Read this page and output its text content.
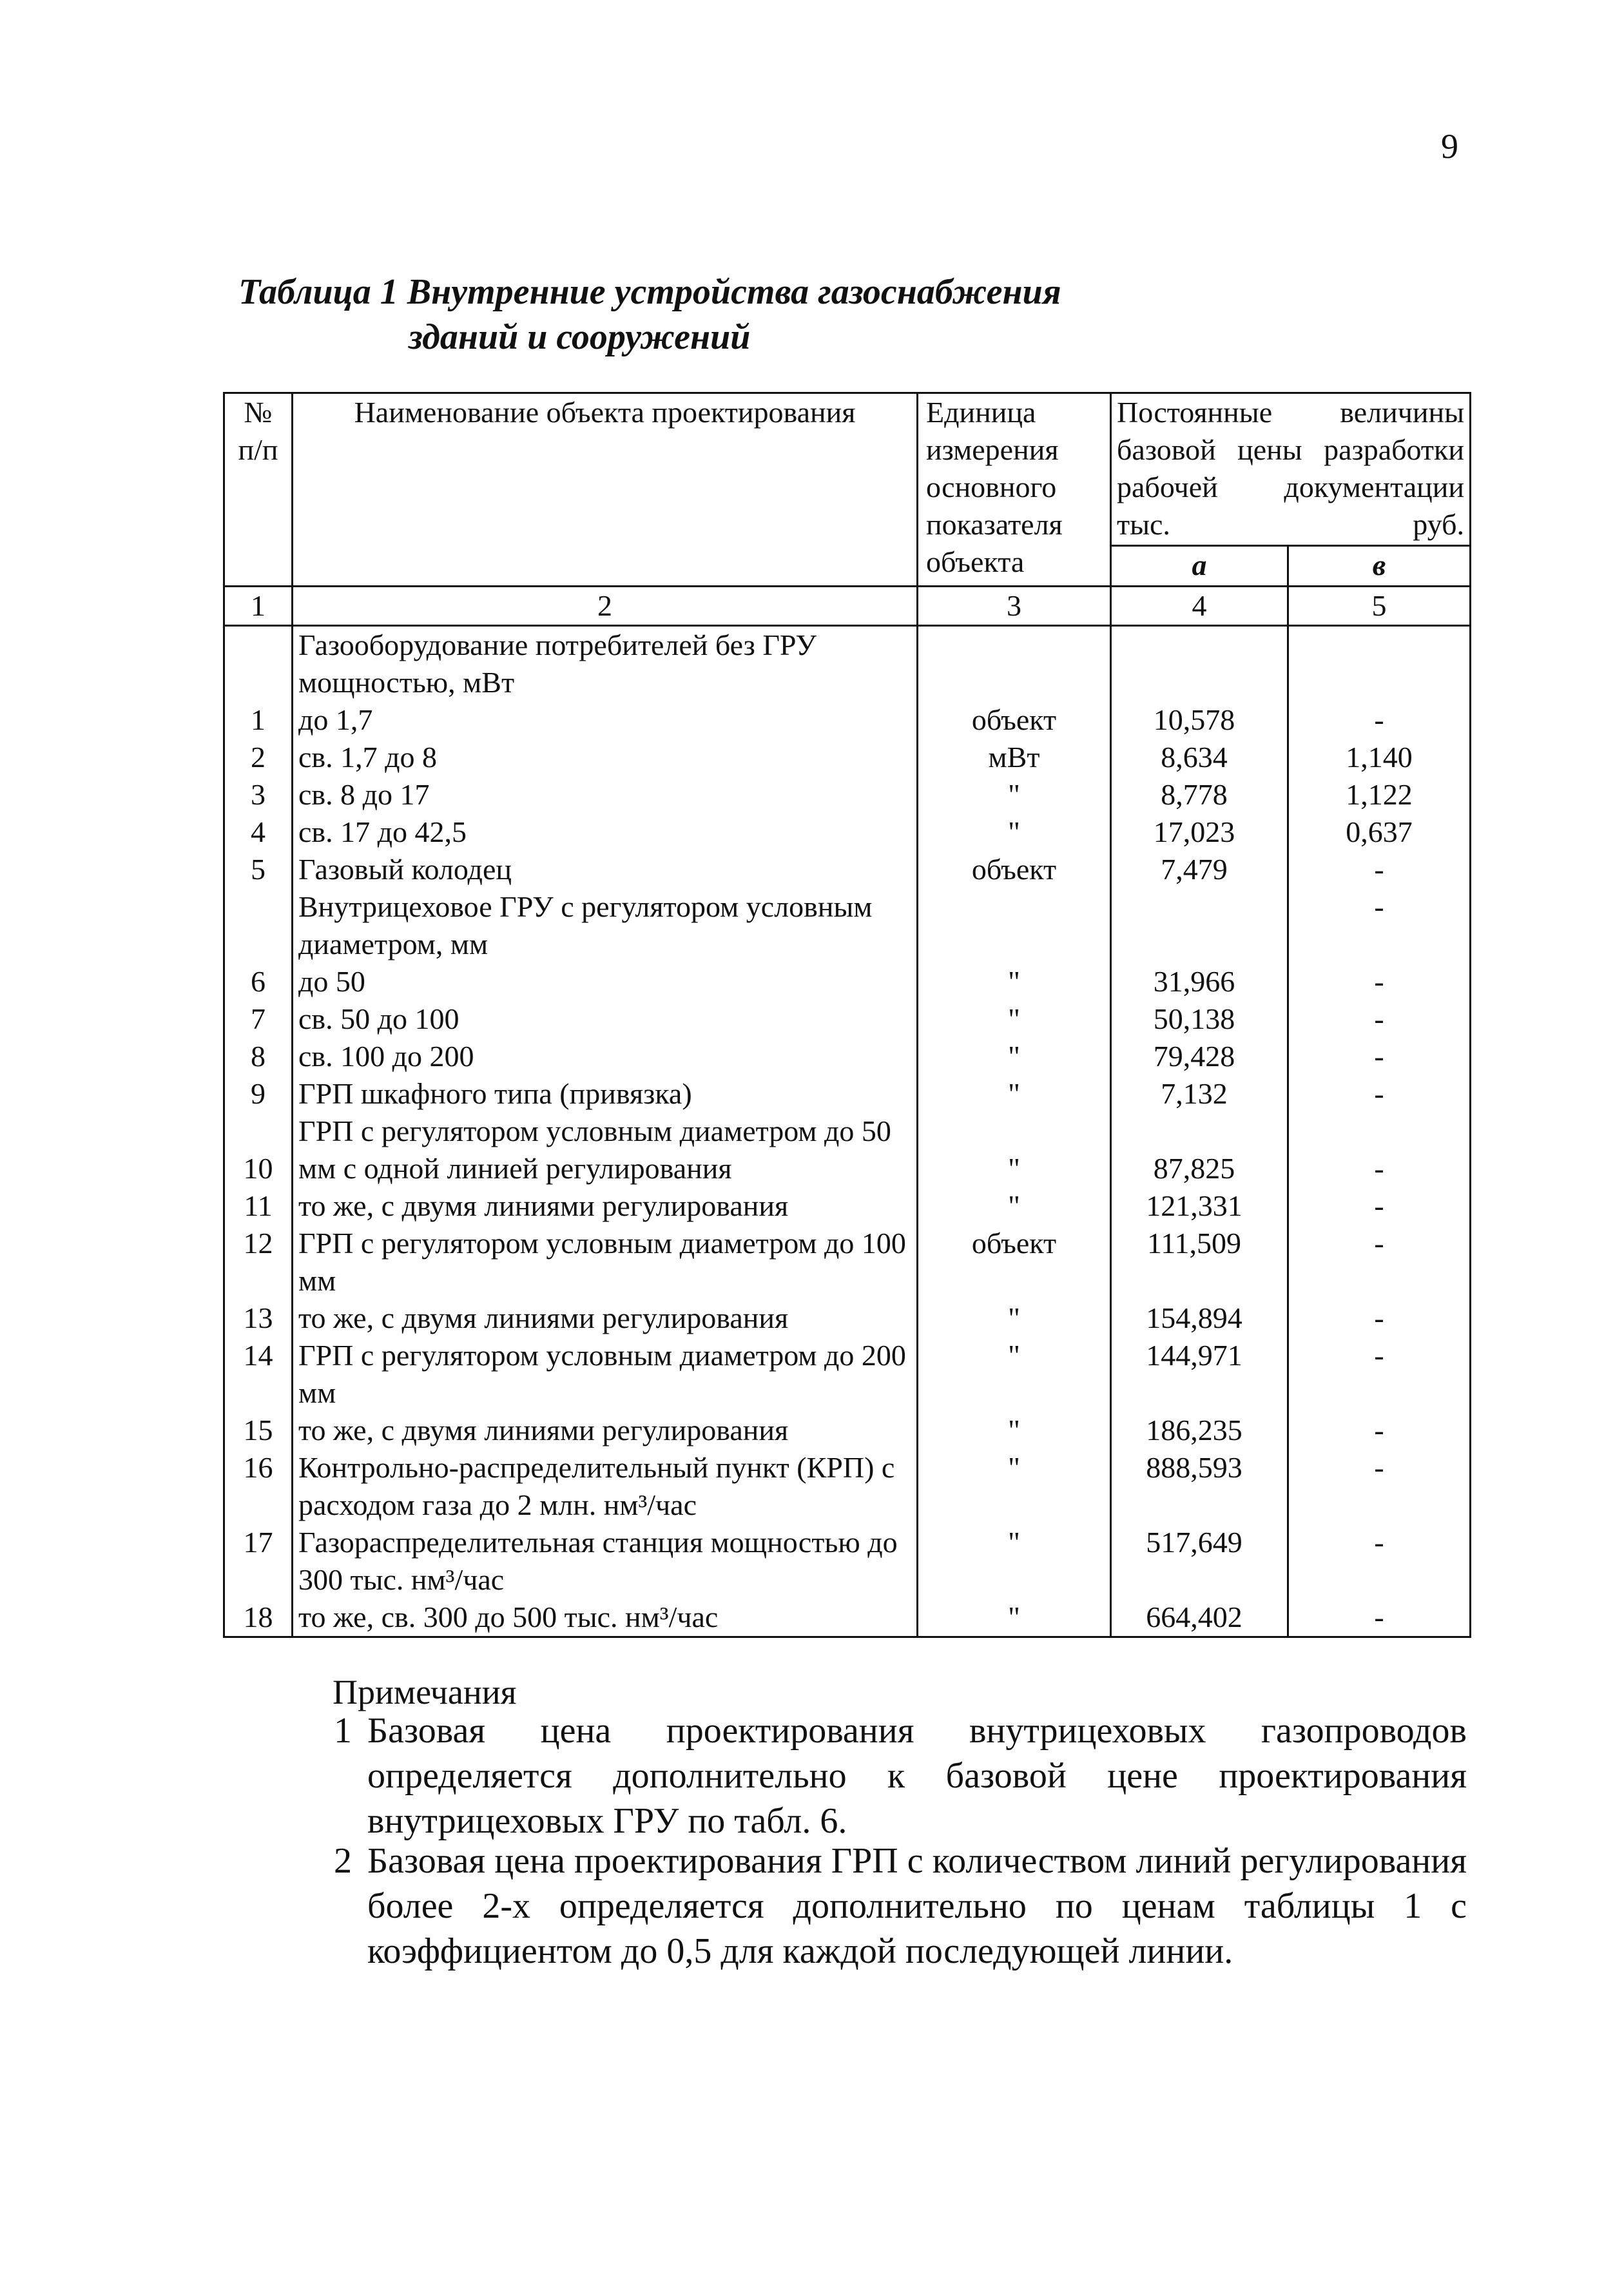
9
Таблица 1 Внутренние устройства газоснабжения
зданий и сооружений
№ п/п	Наименование объекта проектирования	Единица измерения основного показателя объекта	Постоянные величины базовой цены разработки рабочей документации тыс. руб.	
			а	в
1	2	3	4	5
	Газооборудование потребителей без ГРУ мощностью, мВт			
1	до 1,7	объект	10,578	-
2	св. 1,7 до 8	мВт	8,634	1,140
3	св. 8 до 17	"	8,778	1,122
4	св. 17 до 42,5	"	17,023	0,637
5	Газовый колодец	объект	7,479	-
	Внутрицеховое ГРУ с регулятором условным диаметром, мм			-
6	до 50	"	31,966	-
7	св. 50 до 100	"	50,138	-
8	св. 100 до 200	"	79,428	-
9	ГРП шкафного типа (привязка)	"	7,132	-
10	ГРП с регулятором условным диаметром до 50 мм с одной линией регулирования	"	87,825	-
11	то же, с двумя линиями регулирования	"	121,331	-
12	ГРП с регулятором условным диаметром до 100 мм	объект	111,509	-
13	то же, с двумя линиями регулирования	"	154,894	-
14	ГРП с регулятором условным диаметром до 200 мм	"	144,971	-
15	то же, с двумя линиями регулирования	"	186,235	-
16	Контрольно-распределительный пункт (КРП) с расходом газа до 2 млн. нм³/час	"	888,593	-
17	Газораспределительная станция мощностью до 300 тыс. нм³/час	"	517,649	-
18	то же, св. 300 до 500 тыс. нм³/час	"	664,402	-
Примечания
1 Базовая цена проектирования внутрицеховых газопроводов определяется дополнительно к базовой цене проектирования внутрицеховых ГРУ по табл. 6.
2 Базовая цена проектирования ГРП с количеством линий регулирования более 2-х определяется дополнительно по ценам таблицы 1 с коэффициентом до 0,5 для каждой последующей линии.
